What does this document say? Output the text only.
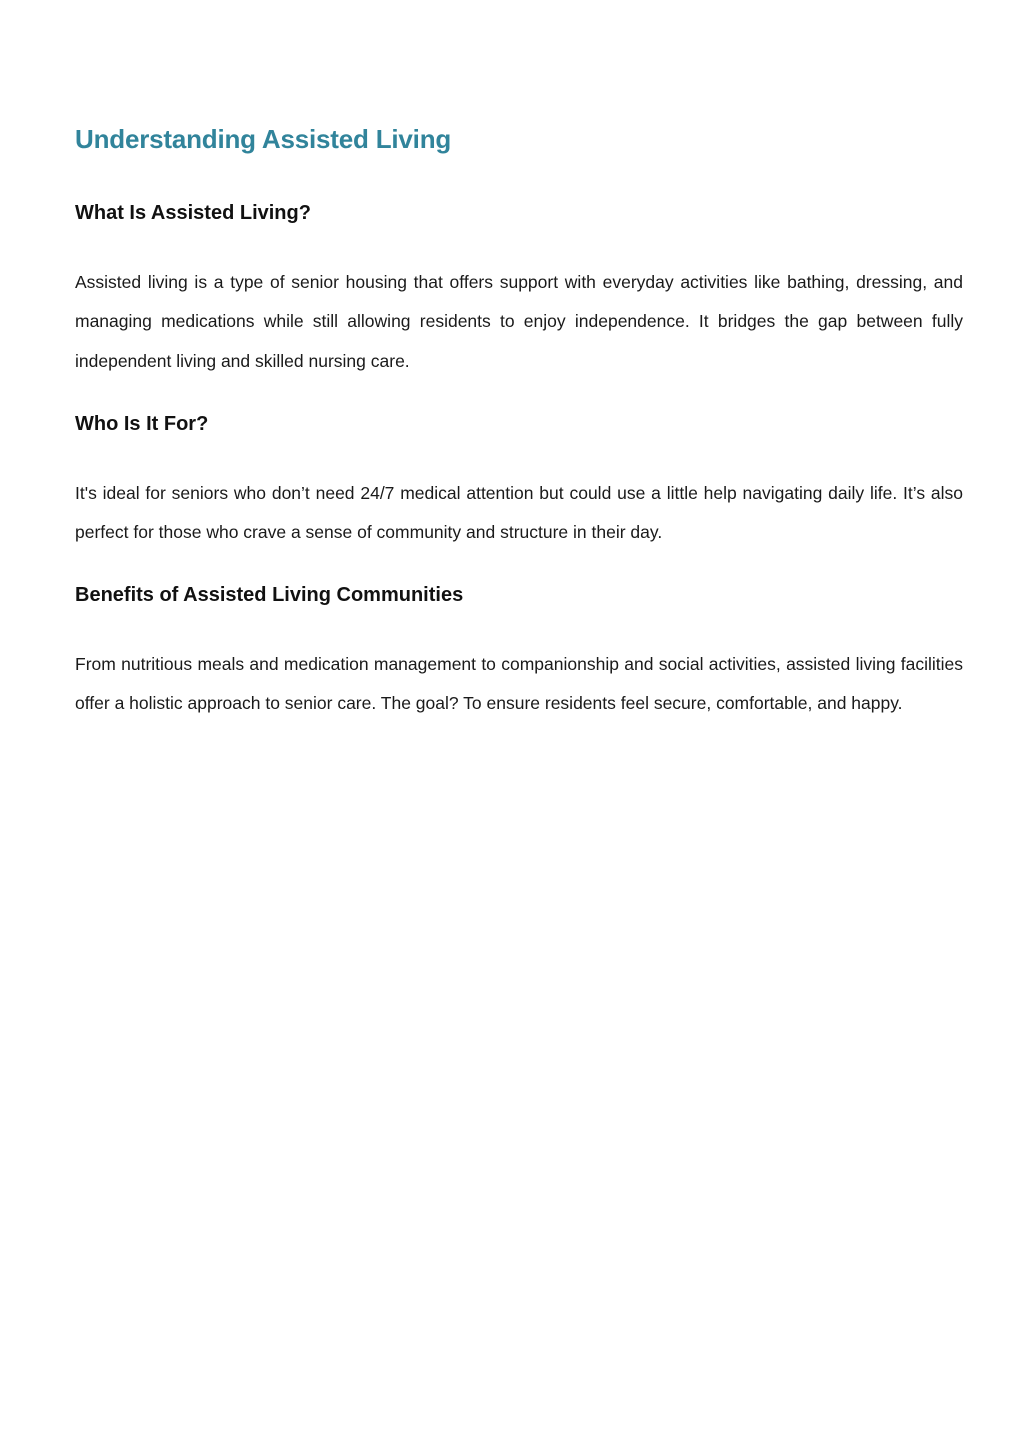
Understanding Assisted Living
What Is Assisted Living?

Assisted living is a type of senior housing that offers support with everyday activities like bathing, dressing, and managing medications while still allowing residents to enjoy independence. It bridges the gap between fully independent living and skilled nursing care.

Who Is It For?

It's ideal for seniors who don’t need 24/7 medical attention but could use a little help navigating daily life. It’s also perfect for those who crave a sense of community and structure in their day.

Benefits of Assisted Living Communities

From nutritious meals and medication management to companionship and social activities, assisted living facilities offer a holistic approach to senior care. The goal? To ensure residents feel secure, comfortable, and happy.
